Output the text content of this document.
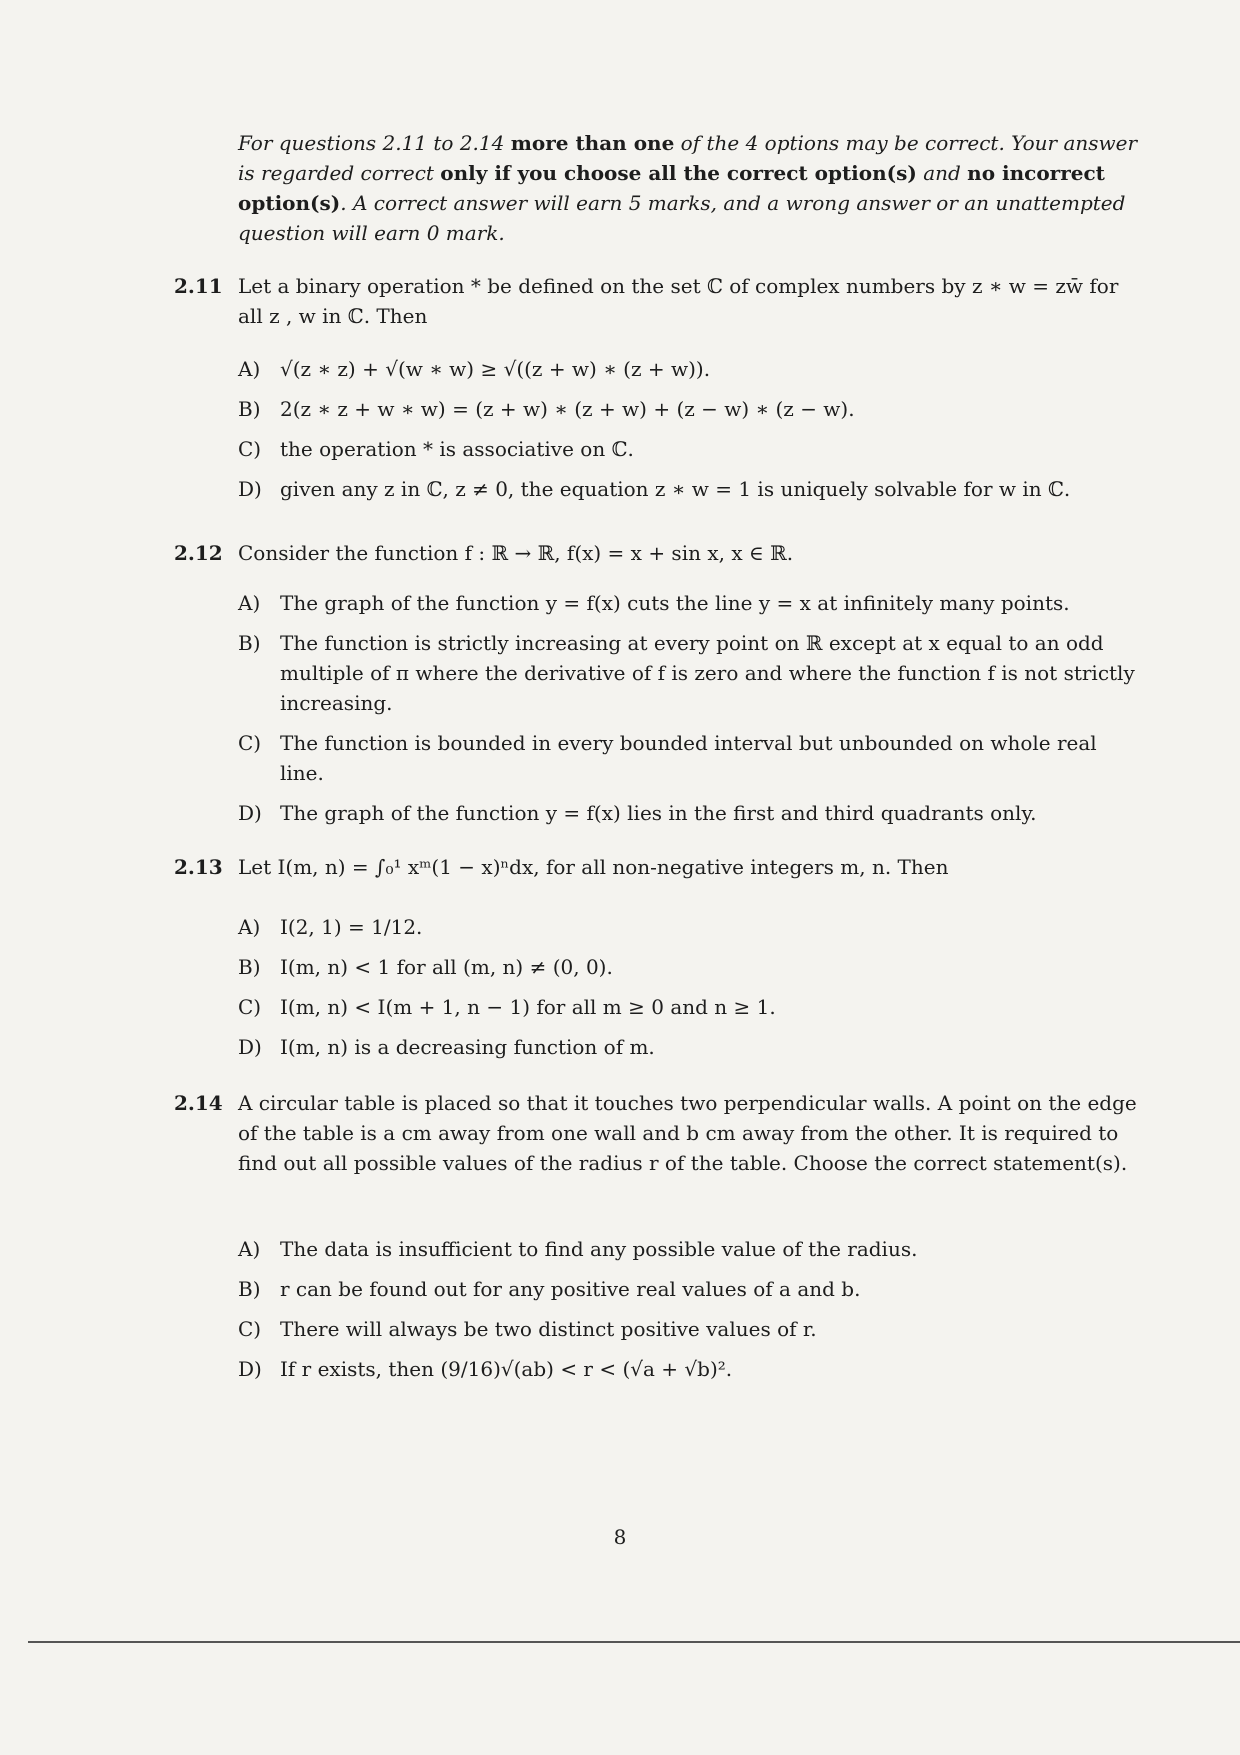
For questions 2.11 to 2.14 more than one of the 4 options may be correct. Your answer is regarded correct only if you choose all the correct option(s) and no incorrect option(s). A correct answer will earn 5 marks, and a wrong answer or an unattempted question will earn 0 mark.
2.11 Let a binary operation * be defined on the set ℂ of complex numbers by z ∗ w = zw̄ for all z , w in ℂ. Then
A) √(z ∗ z) + √(w ∗ w) ≥ √((z + w) ∗ (z + w)).
B) 2(z ∗ z + w ∗ w) = (z + w) ∗ (z + w) + (z − w) ∗ (z − w).
C) the operation * is associative on ℂ.
D) given any z in ℂ, z ≠ 0, the equation z ∗ w = 1 is uniquely solvable for w in ℂ.
2.12 Consider the function f : ℝ → ℝ, f(x) = x + sin x, x ∈ ℝ.
A) The graph of the function y = f(x) cuts the line y = x at infinitely many points.
B) The function is strictly increasing at every point on ℝ except at x equal to an odd multiple of π where the derivative of f is zero and where the function f is not strictly increasing.
C) The function is bounded in every bounded interval but unbounded on whole real line.
D) The graph of the function y = f(x) lies in the first and third quadrants only.
2.13 Let I(m, n) = ∫₀¹ xᵐ(1 − x)ⁿdx, for all non-negative integers m, n. Then
A) I(2, 1) = 1/12.
B) I(m, n) < 1 for all (m, n) ≠ (0, 0).
C) I(m, n) < I(m + 1, n − 1) for all m ≥ 0 and n ≥ 1.
D) I(m, n) is a decreasing function of m.
2.14 A circular table is placed so that it touches two perpendicular walls. A point on the edge of the table is a cm away from one wall and b cm away from the other. It is required to find out all possible values of the radius r of the table. Choose the correct statement(s).
A) The data is insufficient to find any possible value of the radius.
B) r can be found out for any positive real values of a and b.
C) There will always be two distinct positive values of r.
D) If r exists, then (9/16)√(ab) < r < (√a + √b)².
8
